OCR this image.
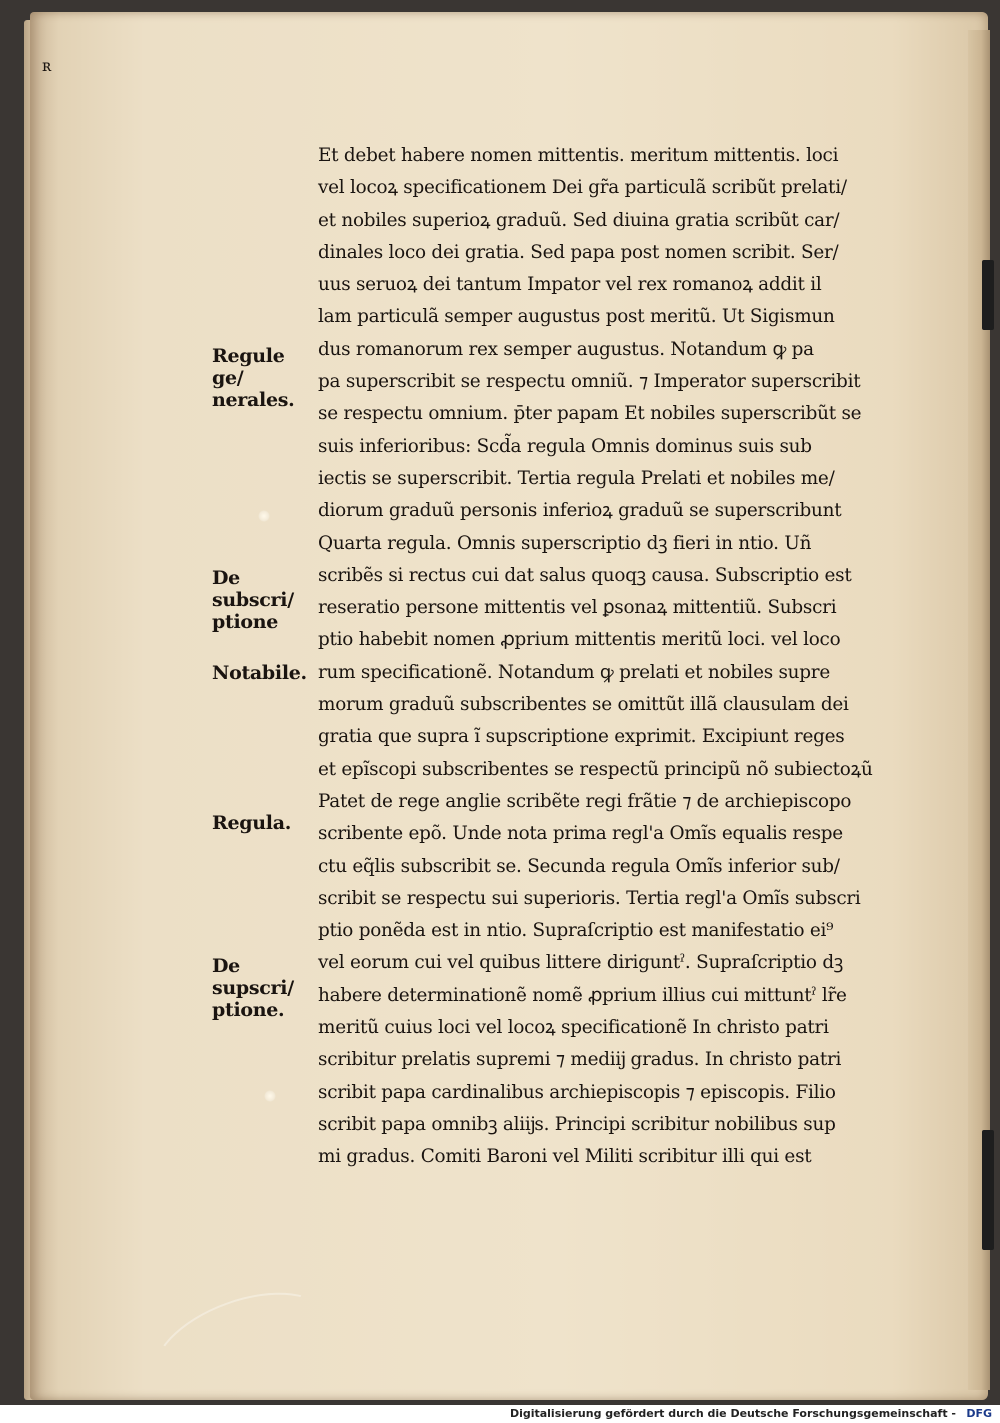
ʀ
Regule ge/ nerales.
De subscri/ ptione
Notabile.
Regula.
De supscri/ ptione.
Et debet habere nomen mittentis. meritum mittentis. loci
vel locoꝝ specificationem Dei gr̃a particulã scribũt prelati/
et nobiles superioꝝ graduũ. Sed diuina gratia scribũt car/
dinales loco dei gratia. Sed papa post nomen scribit. Ser/
uus seruoꝝ dei tantum Impator vel rex romanoꝝ addit il
lam particulã semper augustus post meritũ. Ut Sigismun
dus romanorum rex semper augustus. Notandum ꝙ pa
pa superscribit se respectu omniũ. ⁊ Imperator superscribit
se respectu omnium. p̄ter papam Et nobiles superscribũt se
suis inferioribus: Scd̃a regula Omnis dominus suis sub
iectis se superscribit. Tertia regula Prelati et nobiles me/
diorum graduũ personis inferioꝝ graduũ se superscribunt
Quarta regula. Omnis superscriptio dꝫ fieri in ntio. Uñ
scribẽs si rectus cui dat salus quoqꝫ causa. Subscriptio est
reseratio persone mittentis vel ꝑsonaꝝ mittentiũ. Subscri
ptio habebit nomen ꝓprium mittentis meritũ loci. vel loco
rum specificationẽ. Notandum ꝙ prelati et nobiles supre
morum graduũ subscribentes se omittũt illã clausulam dei
gratia que supra ĩ supscriptione exprimit. Excipiunt reges
et epĩscopi subscribentes se respectũ principũ nõ subiectoꝝũ
Patet de rege anglie scribẽte regi frãtie ⁊ de archiepiscopo
scribente epõ. Unde nota prima regl'a Omĩs equalis respe
ctu eq̃lis subscribit se. Secunda regula Omĩs inferior sub/
scribit se respectu sui superioris. Tertia regl'a Omĩs subscri
ptio ponẽda est in ntio. Supraſcriptio est manifestatio ei⁹
vel eorum cui vel quibus littere diriguntˀ. Supraſcriptio dꝫ
habere determinationẽ nomẽ ꝓprium illius cui mittuntˀ lr̃e
meritũ cuius loci vel locoꝝ specificationẽ In christo patri
scribitur prelatis supremi ⁊ mediĳ gradus. In christo patri
scribit papa cardinalibus archiepiscopis ⁊ episcopis. Filio
scribit papa omnibꝫ aliĳs. Principi scribitur nobilibus sup
mi gradus. Comiti Baroni vel Militi scribitur illi qui est
Digitalisierung gefördert durch die Deutsche Forschungsgemeinschaft - DFG
